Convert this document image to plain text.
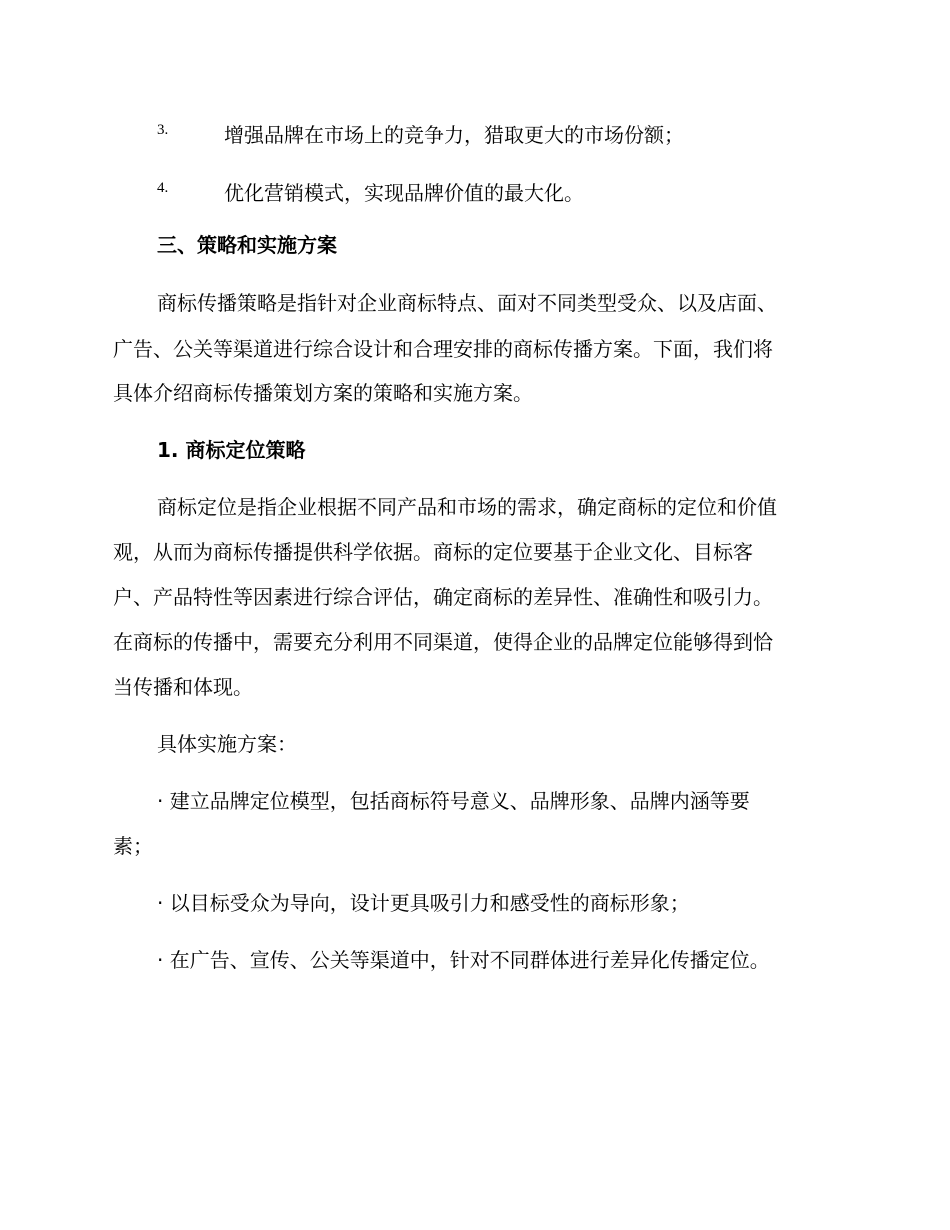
3.	增强品牌在市场上的竞争力，猎取更大的市场份额；
4.	优化营销模式，实现品牌价值的最大化。
三、策略和实施方案
商标传播策略是指针对企业商标特点、面对不同类型受众、以及店面、
广告、公关等渠道进行综合设计和合理安排的商标传播方案。下面，我们将
具体介绍商标传播策划方案的策略和实施方案。
1. 商标定位策略
商标定位是指企业根据不同产品和市场的需求，确定商标的定位和价值
观，从而为商标传播提供科学依据。商标的定位要基于企业文化、目标客
户、产品特性等因素进行综合评估，确定商标的差异性、准确性和吸引力。
在商标的传播中，需要充分利用不同渠道，使得企业的品牌定位能够得到恰
当传播和体现。
具体实施方案：
· 建立品牌定位模型，包括商标符号意义、品牌形象、品牌内涵等要
素；
· 以目标受众为导向，设计更具吸引力和感受性的商标形象；
· 在广告、宣传、公关等渠道中，针对不同群体进行差异化传播定位。
